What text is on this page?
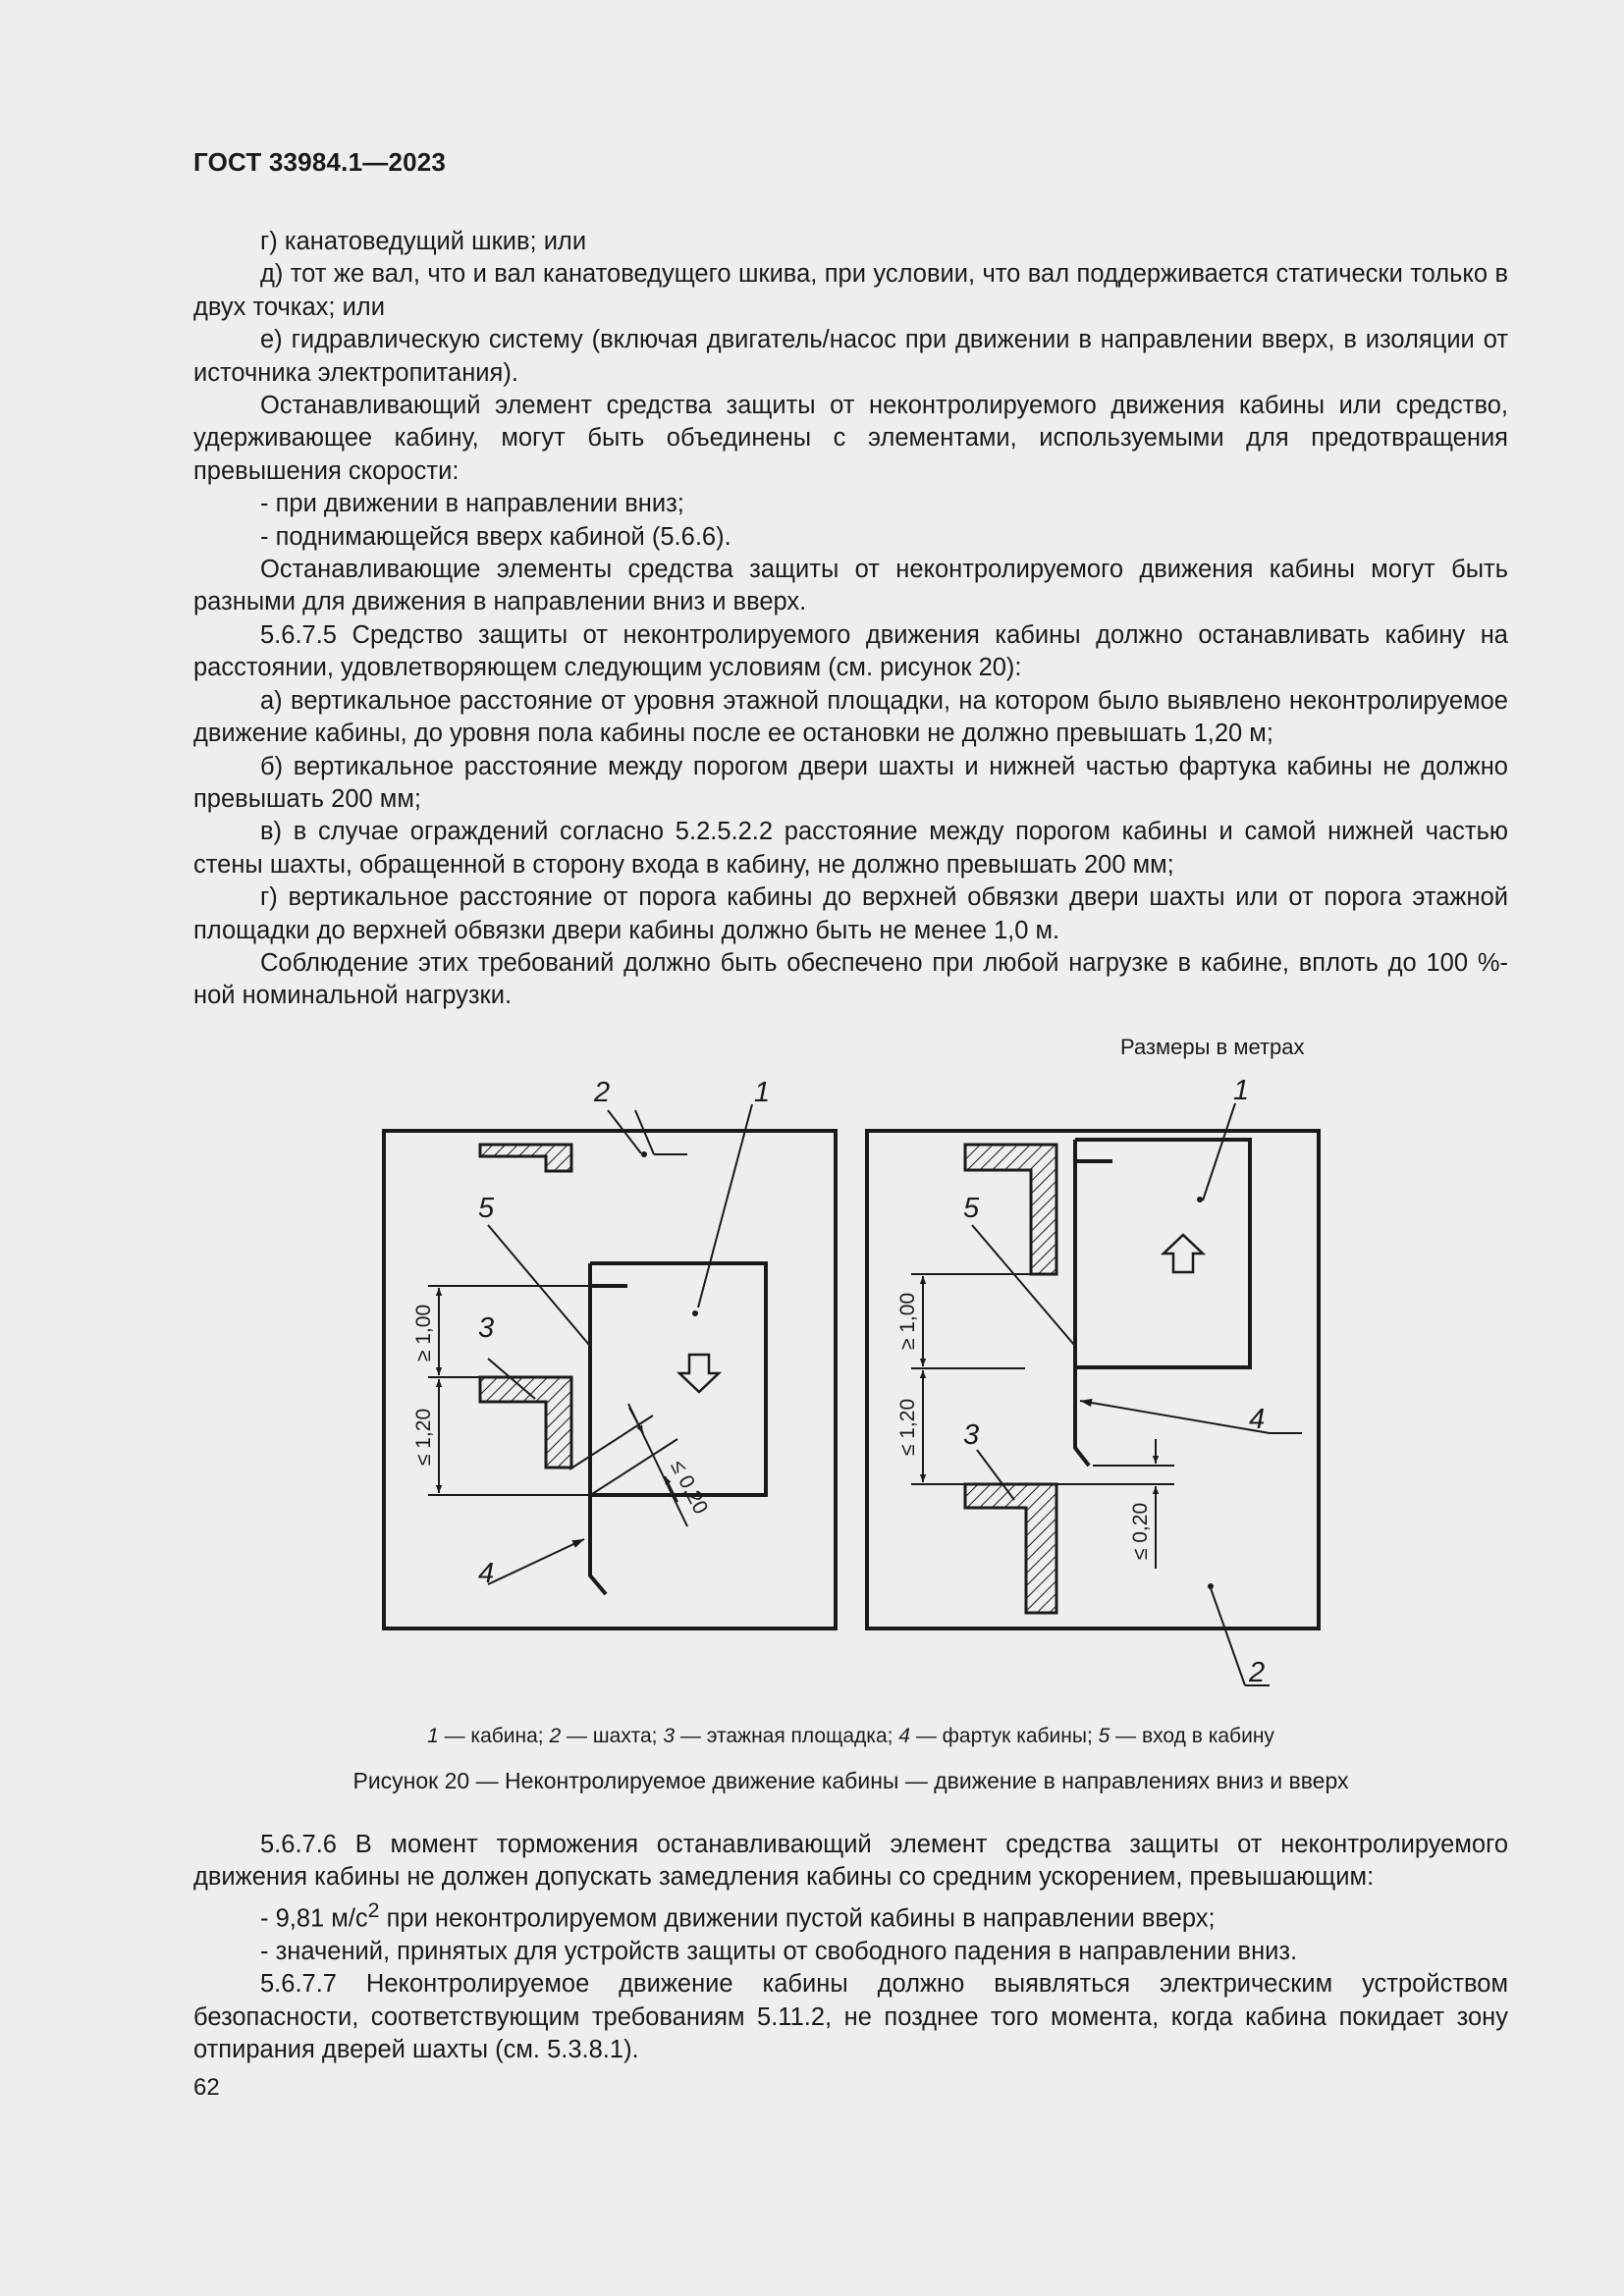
ГОСТ 33984.1—2023

г) канатоведущий шкив; или

д) тот же вал, что и вал канатоведущего шкива, при условии, что вал поддерживается статически только в двух точках; или

е) гидравлическую систему (включая двигатель/насос при движении в направлении вверх, в изоляции от источника электропитания).

Останавливающий элемент средства защиты от неконтролируемого движения кабины или средство, удерживающее кабину, могут быть объединены с элементами, используемыми для предотвращения превышения скорости:

- при движении в направлении вниз;

- поднимающейся вверх кабиной (5.6.6).

Останавливающие элементы средства защиты от неконтролируемого движения кабины могут быть разными для движения в направлении вниз и вверх.

5.6.7.5 Средство защиты от неконтролируемого движения кабины должно останавливать кабину на расстоянии, удовлетворяющем следующим условиям (см. рисунок 20):

а) вертикальное расстояние от уровня этажной площадки, на котором было выявлено неконтролируемое движение кабины, до уровня пола кабины после ее остановки не должно превышать 1,20 м;

б) вертикальное расстояние между порогом двери шахты и нижней частью фартука кабины не должно превышать 200 мм;

в) в случае ограждений согласно 5.2.5.2.2 расстояние между порогом кабины и самой нижней частью стены шахты, обращенной в сторону входа в кабину, не должно превышать 200 мм;

г) вертикальное расстояние от порога кабины до верхней обвязки двери шахты или от порога этажной площадки до верхней обвязки двери кабины должно быть не менее 1,0 м.

Соблюдение этих требований должно быть обеспечено при любой нагрузке в кабине, вплоть до 100 %-ной номинальной нагрузки.

Размеры в метрах
2	1
5
3
4
1
5
4
3
2
≥ 1,00
≤ 1,20
≤ 0,20
≥ 1,00
≤ 1,20
≤ 0,20
1 — кабина; 2 — шахта; 3 — этажная площадка; 4 — фартук кабины; 5 — вход в кабину
Рисунок 20 — Неконтролируемое движение кабины — движение в направлениях вниз и вверх

5.6.7.6 В момент торможения останавливающий элемент средства защиты от неконтролируемого движения кабины не должен допускать замедления кабины со средним ускорением, превышающим:

- 9,81 $м/с^2$ при неконтролируемом движении пустой кабины в направлении вверх;

- значений, принятых для устройств защиты от свободного падения в направлении вниз.

5.6.7.7 Неконтролируемое движение кабины должно выявляться электрическим устройством безопасности, соответствующим требованиям 5.11.2, не позднее того момента, когда кабина покидает зону отпирания дверей шахты (см. 5.3.8.1).

62
